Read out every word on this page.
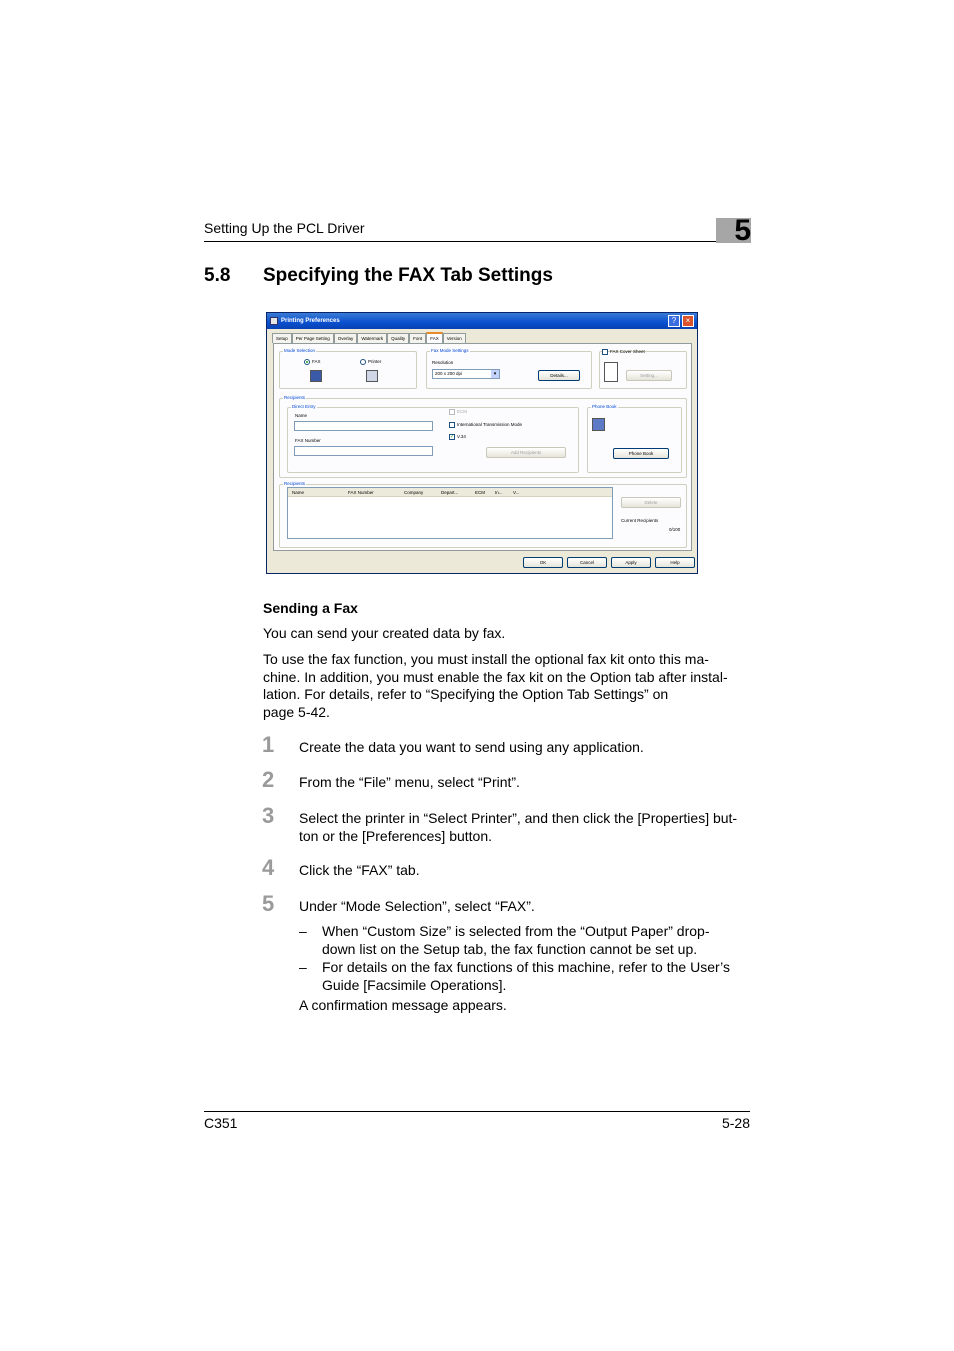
Setting Up the PCL Driver	5
5.8 Specifying the FAX Tab Settings
Printing Preferences	?	×
Setup	Per Page Setting	Overlay	Watermark	Quality	Font	FAX	Version
Mode Selection
FAX	Printer
Fax Mode Settings
Resolution
200 x 200 dpi	▾	Details...
FAX Cover Sheet
Setting...
Recipients
Direct Entry
Name
FAX Number
ECM
International Transmission Mode
✓ V.34
Add Recipients
Phone Book
Phone Book
Recipients
Name	FAX Number	Company	Depart...	ECM In... V...
Delete
Current Recipients
0/100
OK	Cancel	Apply	Help
Sending a Fax
You can send your created data by fax.
To use the fax function, you must install the optional fax kit onto this ma-
chine. In addition, you must enable the fax kit on the Option tab after instal-
lation. For details, refer to “Specifying the Option Tab Settings” on
page 5-42.
1	Create the data you want to send using any application.
2	From the “File” menu, select “Print”.
3	Select the printer in “Select Printer”, and then click the [Properties] but-
ton or the [Preferences] button.
4	Click the “FAX” tab.
5	Under “Mode Selection”, select “FAX”.
– When “Custom Size” is selected from the “Output Paper” drop-
down list on the Setup tab, the fax function cannot be set up.
– For details on the fax functions of this machine, refer to the User’s
Guide [Facsimile Operations].
A confirmation message appears.
C351	5-28
